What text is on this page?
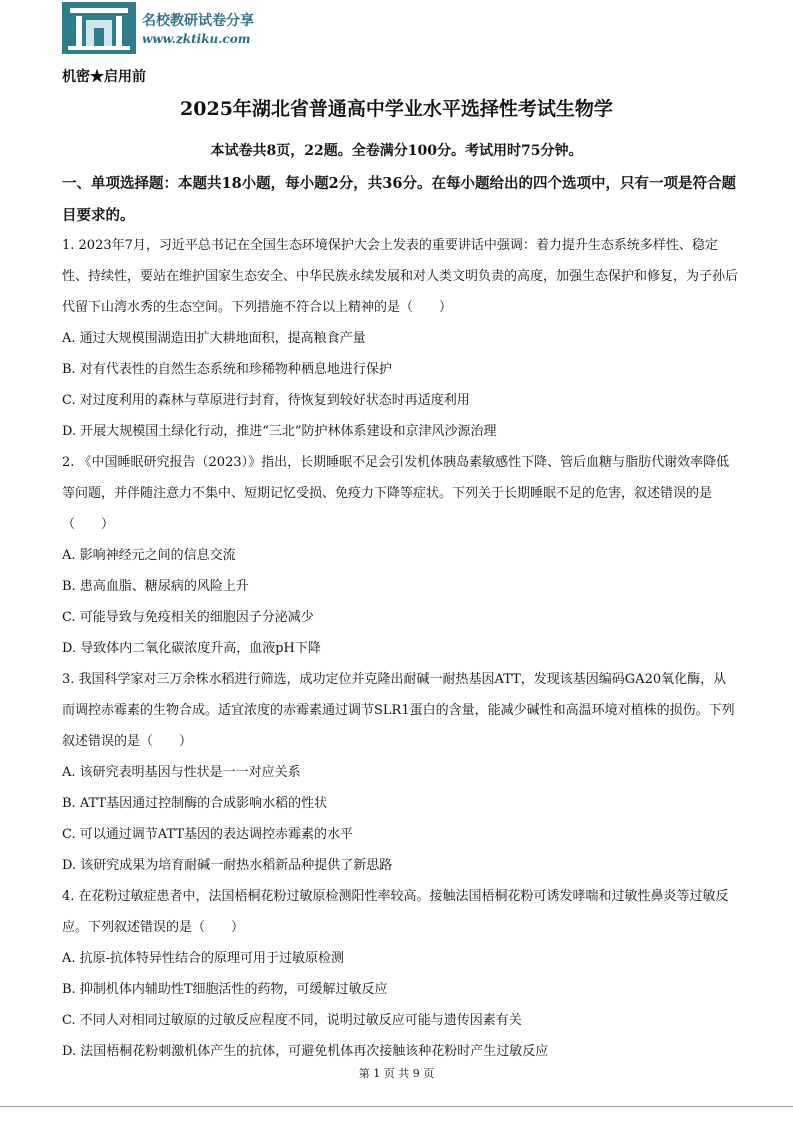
名校教研试卷分享
www.zktiku.com
机密★启用前
2025年湖北省普通高中学业水平选择性考试生物学
本试卷共8页，22题。全卷满分100分。考试用时75分钟。
一、单项选择题：本题共18小题，每小题2分，共36分。在每小题给出的四个选项中，只有一项是符合题目要求的。

1. 2023年7月，习近平总书记在全国生态环境保护大会上发表的重要讲话中强调：着力提升生态系统多样性、稳定性、持续性，要站在维护国家生态安全、中华民族永续发展和对人类文明负责的高度，加强生态保护和修复，为子孙后代留下山湾水秀的生态空间。下列措施不符合以上精神的是（　　）

A. 通过大规模围湖造田扩大耕地面积，提高粮食产量

B. 对有代表性的自然生态系统和珍稀物种栖息地进行保护

C. 对过度利用的森林与草原进行封育，待恢复到较好状态时再适度利用

D. 开展大规模国土绿化行动，推进“三北”防护林体系建设和京津风沙源治理

2. 《中国睡眠研究报告（2023）》指出，长期睡眠不足会引发机体胰岛素敏感性下降、管后血糖与脂肪代谢效率降低等问题，并伴随注意力不集中、短期记忆受损、免疫力下降等症状。下列关于长期睡眠不足的危害，叙述错误的是（　　）

A. 影响神经元之间的信息交流

B. 患高血脂、糖尿病的风险上升

C. 可能导致与免疫相关的细胞因子分泌减少

D. 导致体内二氧化碳浓度升高，血液pH下降

3. 我国科学家对三万余株水稻进行筛选，成功定位并克隆出耐碱一耐热基因ATT，发现该基因编码GA20氧化酶，从而调控赤霉素的生物合成。适宜浓度的赤霉素通过调节SLR1蛋白的含量，能减少碱性和高温环境对植株的损伤。下列叙述错误的是（　　）

A. 该研究表明基因与性状是一一对应关系

B. ATT基因通过控制酶的合成影响水稻的性状

C. 可以通过调节ATT基因的表达调控赤霉素的水平

D. 该研究成果为培育耐碱一耐热水稻新品种提供了新思路

4. 在花粉过敏症患者中，法国梧桐花粉过敏原检测阳性率较高。接触法国梧桐花粉可诱发哮喘和过敏性鼻炎等过敏反应。下列叙述错误的是（　　）

A. 抗原-抗体特异性结合的原理可用于过敏原检测

B. 抑制机体内辅助性T细胞活性的药物，可缓解过敏反应

C. 不同人对相同过敏原的过敏反应程度不同，说明过敏反应可能与遗传因素有关

D. 法国梧桐花粉刺激机体产生的抗体，可避免机体再次接触该种花粉时产生过敏反应

第 1 页 共 9 页
